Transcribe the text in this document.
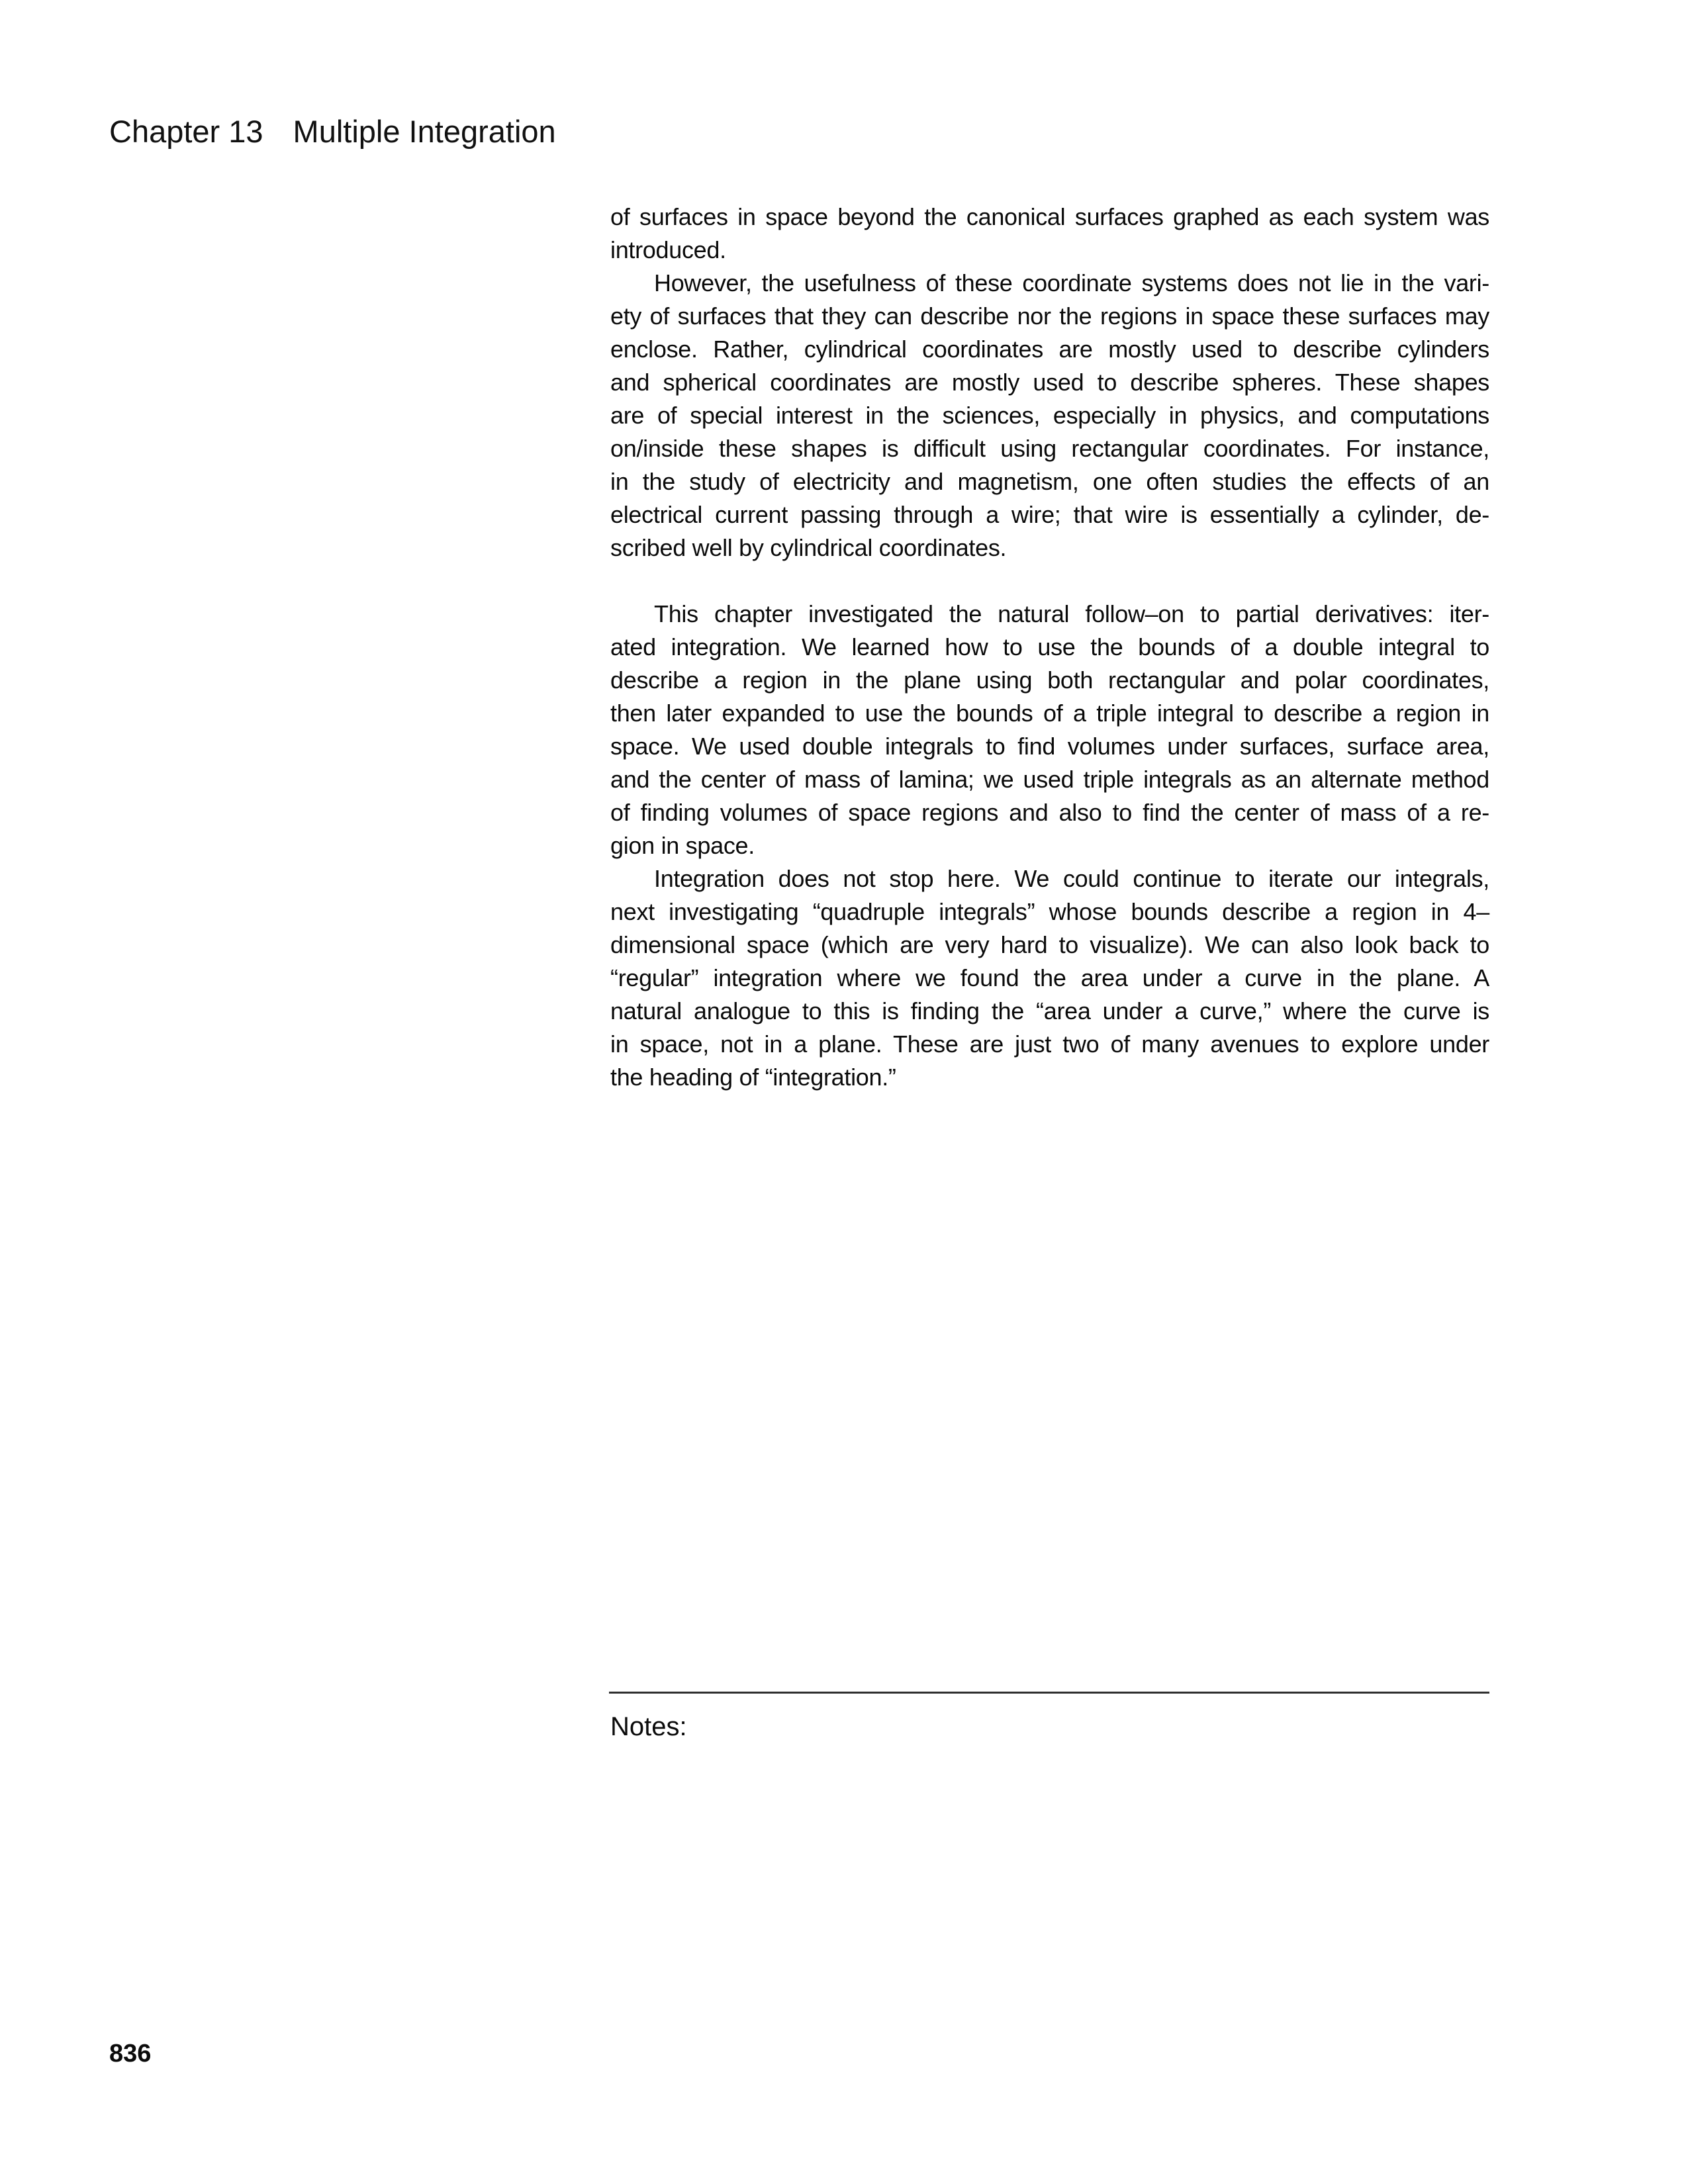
Chapter 13 Multiple Integration
of surfaces in space beyond the canonical surfaces graphed as each system was
introduced.
However, the usefulness of these coordinate systems does not lie in the vari-
ety of surfaces that they can describe nor the regions in space these surfaces may
enclose. Rather, cylindrical coordinates are mostly used to describe cylinders
and spherical coordinates are mostly used to describe spheres. These shapes
are of special interest in the sciences, especially in physics, and computations
on/inside these shapes is difficult using rectangular coordinates. For instance,
in the study of electricity and magnetism, one often studies the effects of an
electrical current passing through a wire; that wire is essentially a cylinder, de-
scribed well by cylindrical coordinates.
This chapter investigated the natural follow–on to partial derivatives: iter-
ated integration. We learned how to use the bounds of a double integral to
describe a region in the plane using both rectangular and polar coordinates,
then later expanded to use the bounds of a triple integral to describe a region in
space. We used double integrals to find volumes under surfaces, surface area,
and the center of mass of lamina; we used triple integrals as an alternate method
of finding volumes of space regions and also to find the center of mass of a re-
gion in space.
Integration does not stop here. We could continue to iterate our integrals,
next investigating “quadruple integrals” whose bounds describe a region in 4–
dimensional space (which are very hard to visualize). We can also look back to
“regular” integration where we found the area under a curve in the plane. A
natural analogue to this is finding the “area under a curve,” where the curve is
in space, not in a plane. These are just two of many avenues to explore under
the heading of “integration.”
Notes:
836
